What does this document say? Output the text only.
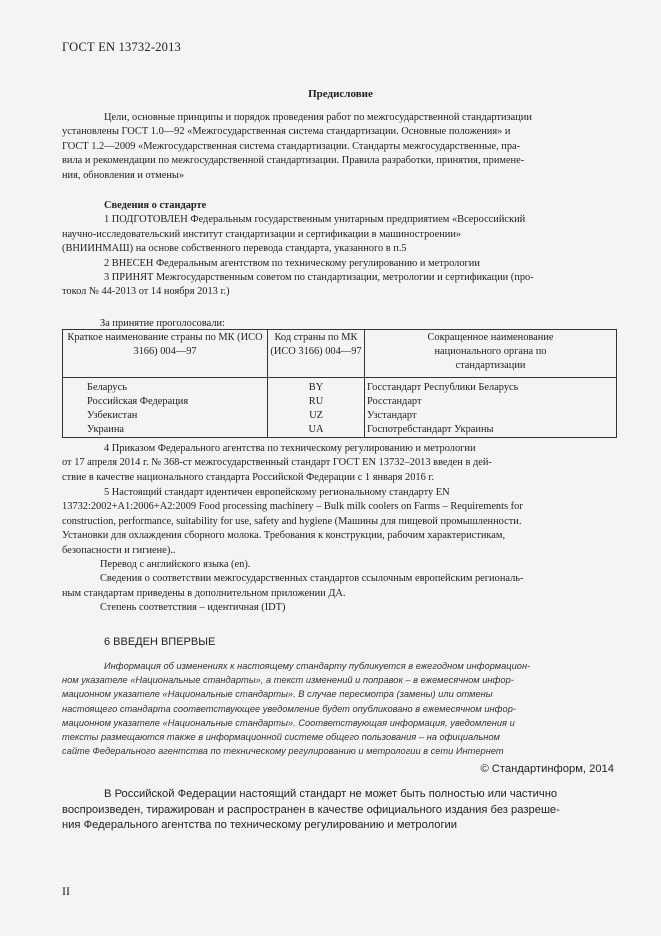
ГОСТ EN 13732-2013
Предисловие
Цели, основные принципы и порядок проведения работ по межгосударственной стандартизации
установлены ГОСТ 1.0—92 «Межгосударственная система стандартизации. Основные положения» и
ГОСТ 1.2—2009 «Межгосударственная система стандартизации. Стандарты межгосударственные, пра-
вила и рекомендации по межгосударственной стандартизации. Правила разработки, принятия, примене-
ния, обновления и отмены»
Сведения о стандарте
1 ПОДГОТОВЛЕН Федеральным государственным унитарным предприятием «Всероссийский
научно-исследовательский институт стандартизации и сертификации в машиностроении»
(ВНИИНМАШ) на основе собственного перевода стандарта, указанного в п.5
2 ВНЕСЕН Федеральным агентством по техническому регулированию и метрологии
3 ПРИНЯТ Межгосударственным советом по стандартизации, метрологии и сертификации (про-
токол № 44-2013 от 14 ноября 2013 г.)
За принятие проголосовали:
Краткое наименование страны по МК (ИСО 3166) 004—97	Код страны по МК (ИСО 3166) 004—97	Сокращенное наименование национального органа по стандартизации
Беларусь	BY	Госстандарт Республики Беларусь
Российская Федерация	RU	Росстандарт
Узбекистан	UZ	Узстандарт
Украина	UA	Госпотребстандарт Украины
4 Приказом Федерального агентства по техническому регулированию и метрологии
от 17 апреля 2014 г. № 368-ст межгосударственный стандарт ГОСТ EN 13732–2013 введен в дей-
ствие в качестве национального стандарта Российской Федерации с 1 января 2016 г.
5 Настоящий стандарт идентичен европейскому региональному стандарту EN
13732:2002+A1:2006+A2:2009 Food processing machinery – Bulk milk coolers on Farms – Requirements for
construction, performance, suitability for use, safety and hygiene (Машины для пищевой промышленности.
Установки для охлаждения сборного молока. Требования к конструкции, рабочим характеристикам,
безопасности и гигиене)..
Перевод с английского языка (en).
Сведения о соответствии межгосударственных стандартов ссылочным европейским региональ-
ным стандартам приведены в дополнительном приложении ДА.
Степень соответствия – идентичная (IDT)
6 ВВЕДЕН ВПЕРВЫЕ
Информация об изменениях к настоящему стандарту публикуется в ежегодном информацион-
ном указателе «Национальные стандарты», а текст изменений и поправок – в ежемесячном инфор-
мационном указателе «Национальные стандарты». В случае пересмотра (замены) или отмены
настоящего стандарта соответствующее уведомление будет опубликовано в ежемесячном инфор-
мационном указателе «Национальные стандарты». Соответствующая информация, уведомления и
тексты размещаются также в информационной системе общего пользования – на официальном
сайте Федерального агентства по техническому регулированию и метрологии в сети Интернет
© Стандартинформ, 2014
В Российской Федерации настоящий стандарт не может быть полностью или частично
воспроизведен, тиражирован и распространен в качестве официального издания без разреше-
ния Федерального агентства по техническому регулированию и метрологии
II
